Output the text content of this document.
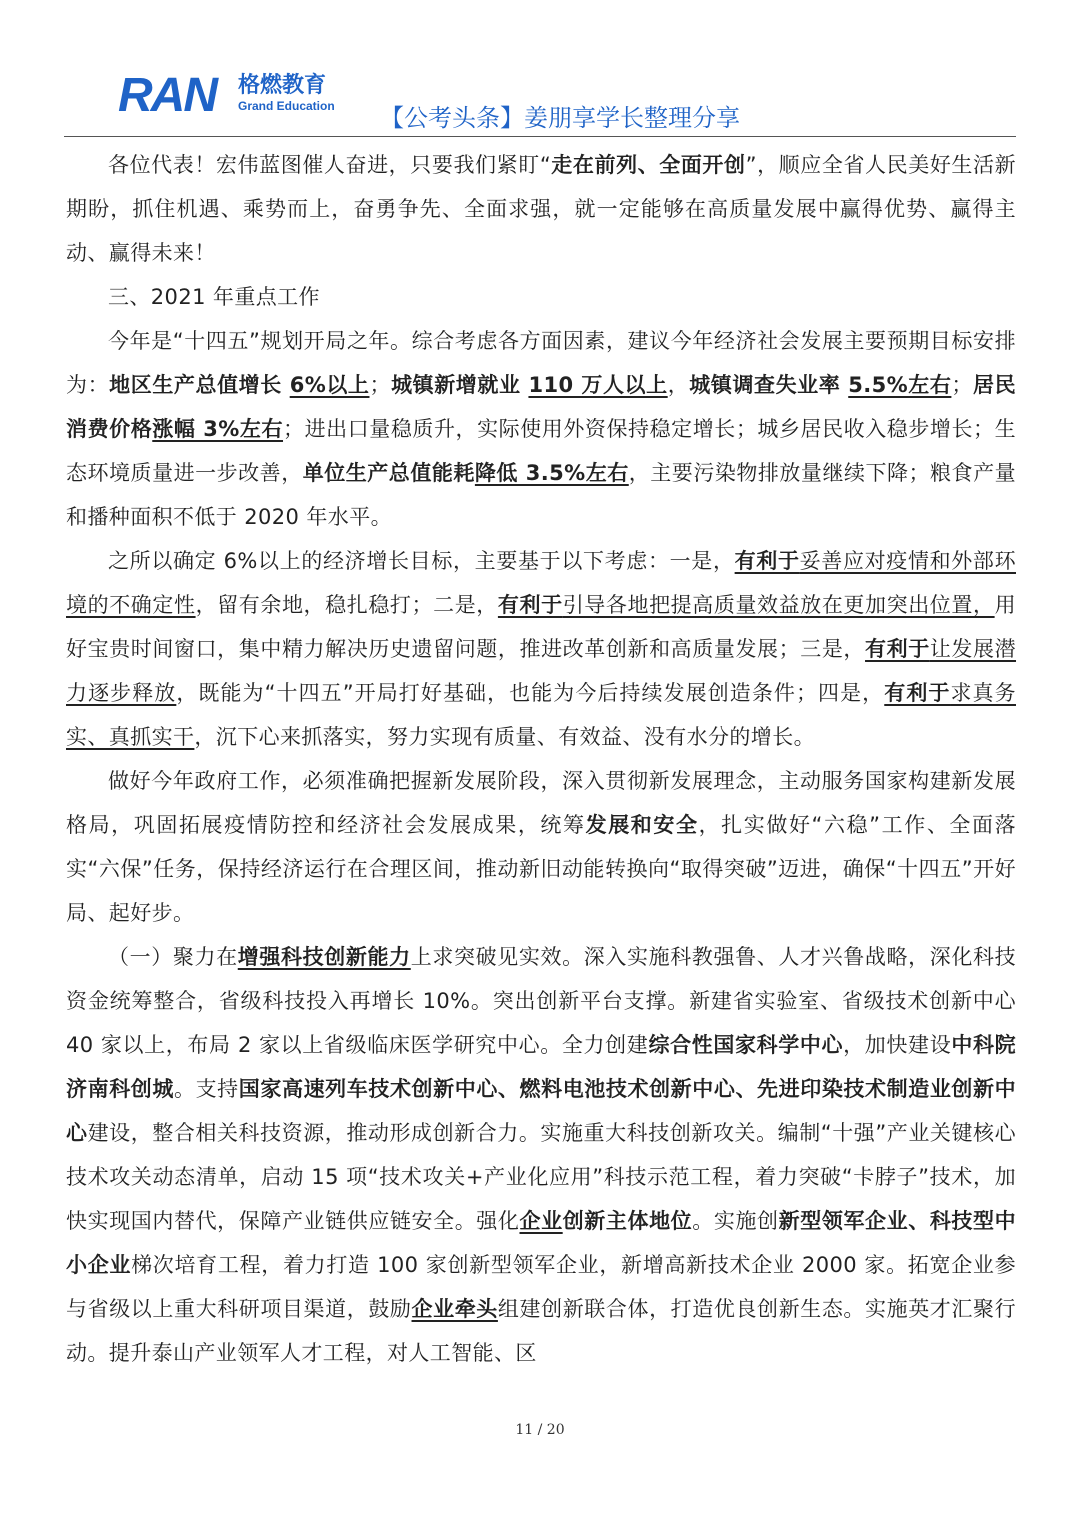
RAN 格燃教育
Grand Education 【公考头条】姜朋享学长整理分享

各位代表！宏伟蓝图催人奋进，只要我们紧盯“走在前列、全面开创”，顺应全省人民美好生活新期盼，抓住机遇、乘势而上，奋勇争先、全面求强，就一定能够在高质量发展中赢得优势、赢得主动、赢得未来！

三、2021 年重点工作

今年是“十四五”规划开局之年。综合考虑各方面因素，建议今年经济社会发展主要预期目标安排为：地区生产总值增长 6%以上；城镇新增就业 110 万人以上，城镇调查失业率 5.5%左右；居民消费价格涨幅 3%左右；进出口量稳质升，实际使用外资保持稳定增长；城乡居民收入稳步增长；生态环境质量进一步改善，单位生产总值能耗降低 3.5%左右，主要污染物排放量继续下降；粮食产量和播种面积不低于 2020 年水平。

之所以确定 6%以上的经济增长目标，主要基于以下考虑：一是，有利于妥善应对疫情和外部环境的不确定性，留有余地，稳扎稳打；二是，有利于引导各地把提高质量效益放在更加突出位置，用好宝贵时间窗口，集中精力解决历史遗留问题，推进改革创新和高质量发展；三是，有利于让发展潜力逐步释放，既能为“十四五”开局打好基础，也能为今后持续发展创造条件；四是，有利于求真务实、真抓实干，沉下心来抓落实，努力实现有质量、有效益、没有水分的增长。

做好今年政府工作，必须准确把握新发展阶段，深入贯彻新发展理念，主动服务国家构建新发展格局，巩固拓展疫情防控和经济社会发展成果，统筹发展和安全，扎实做好“六稳”工作、全面落实“六保”任务，保持经济运行在合理区间，推动新旧动能转换向“取得突破”迈进，确保“十四五”开好局、起好步。

（一）聚力在增强科技创新能力上求突破见实效。深入实施科教强鲁、人才兴鲁战略，深化科技资金统筹整合，省级科技投入再增长 10%。突出创新平台支撑。新建省实验室、省级技术创新中心 40 家以上，布局 2 家以上省级临床医学研究中心。全力创建综合性国家科学中心，加快建设中科院济南科创城。支持国家高速列车技术创新中心、燃料电池技术创新中心、先进印染技术制造业创新中心建设，整合相关科技资源，推动形成创新合力。实施重大科技创新攻关。编制“十强”产业关键核心技术攻关动态清单，启动 15 项“技术攻关+产业化应用”科技示范工程，着力突破“卡脖子”技术，加快实现国内替代，保障产业链供应链安全。强化企业创新主体地位。实施创新型领军企业、科技型中小企业梯次培育工程，着力打造 100 家创新型领军企业，新增高新技术企业 2000 家。拓宽企业参与省级以上重大科研项目渠道，鼓励企业牵头组建创新联合体，打造优良创新生态。实施英才汇聚行动。提升泰山产业领军人才工程，对人工智能、区

11 / 20
